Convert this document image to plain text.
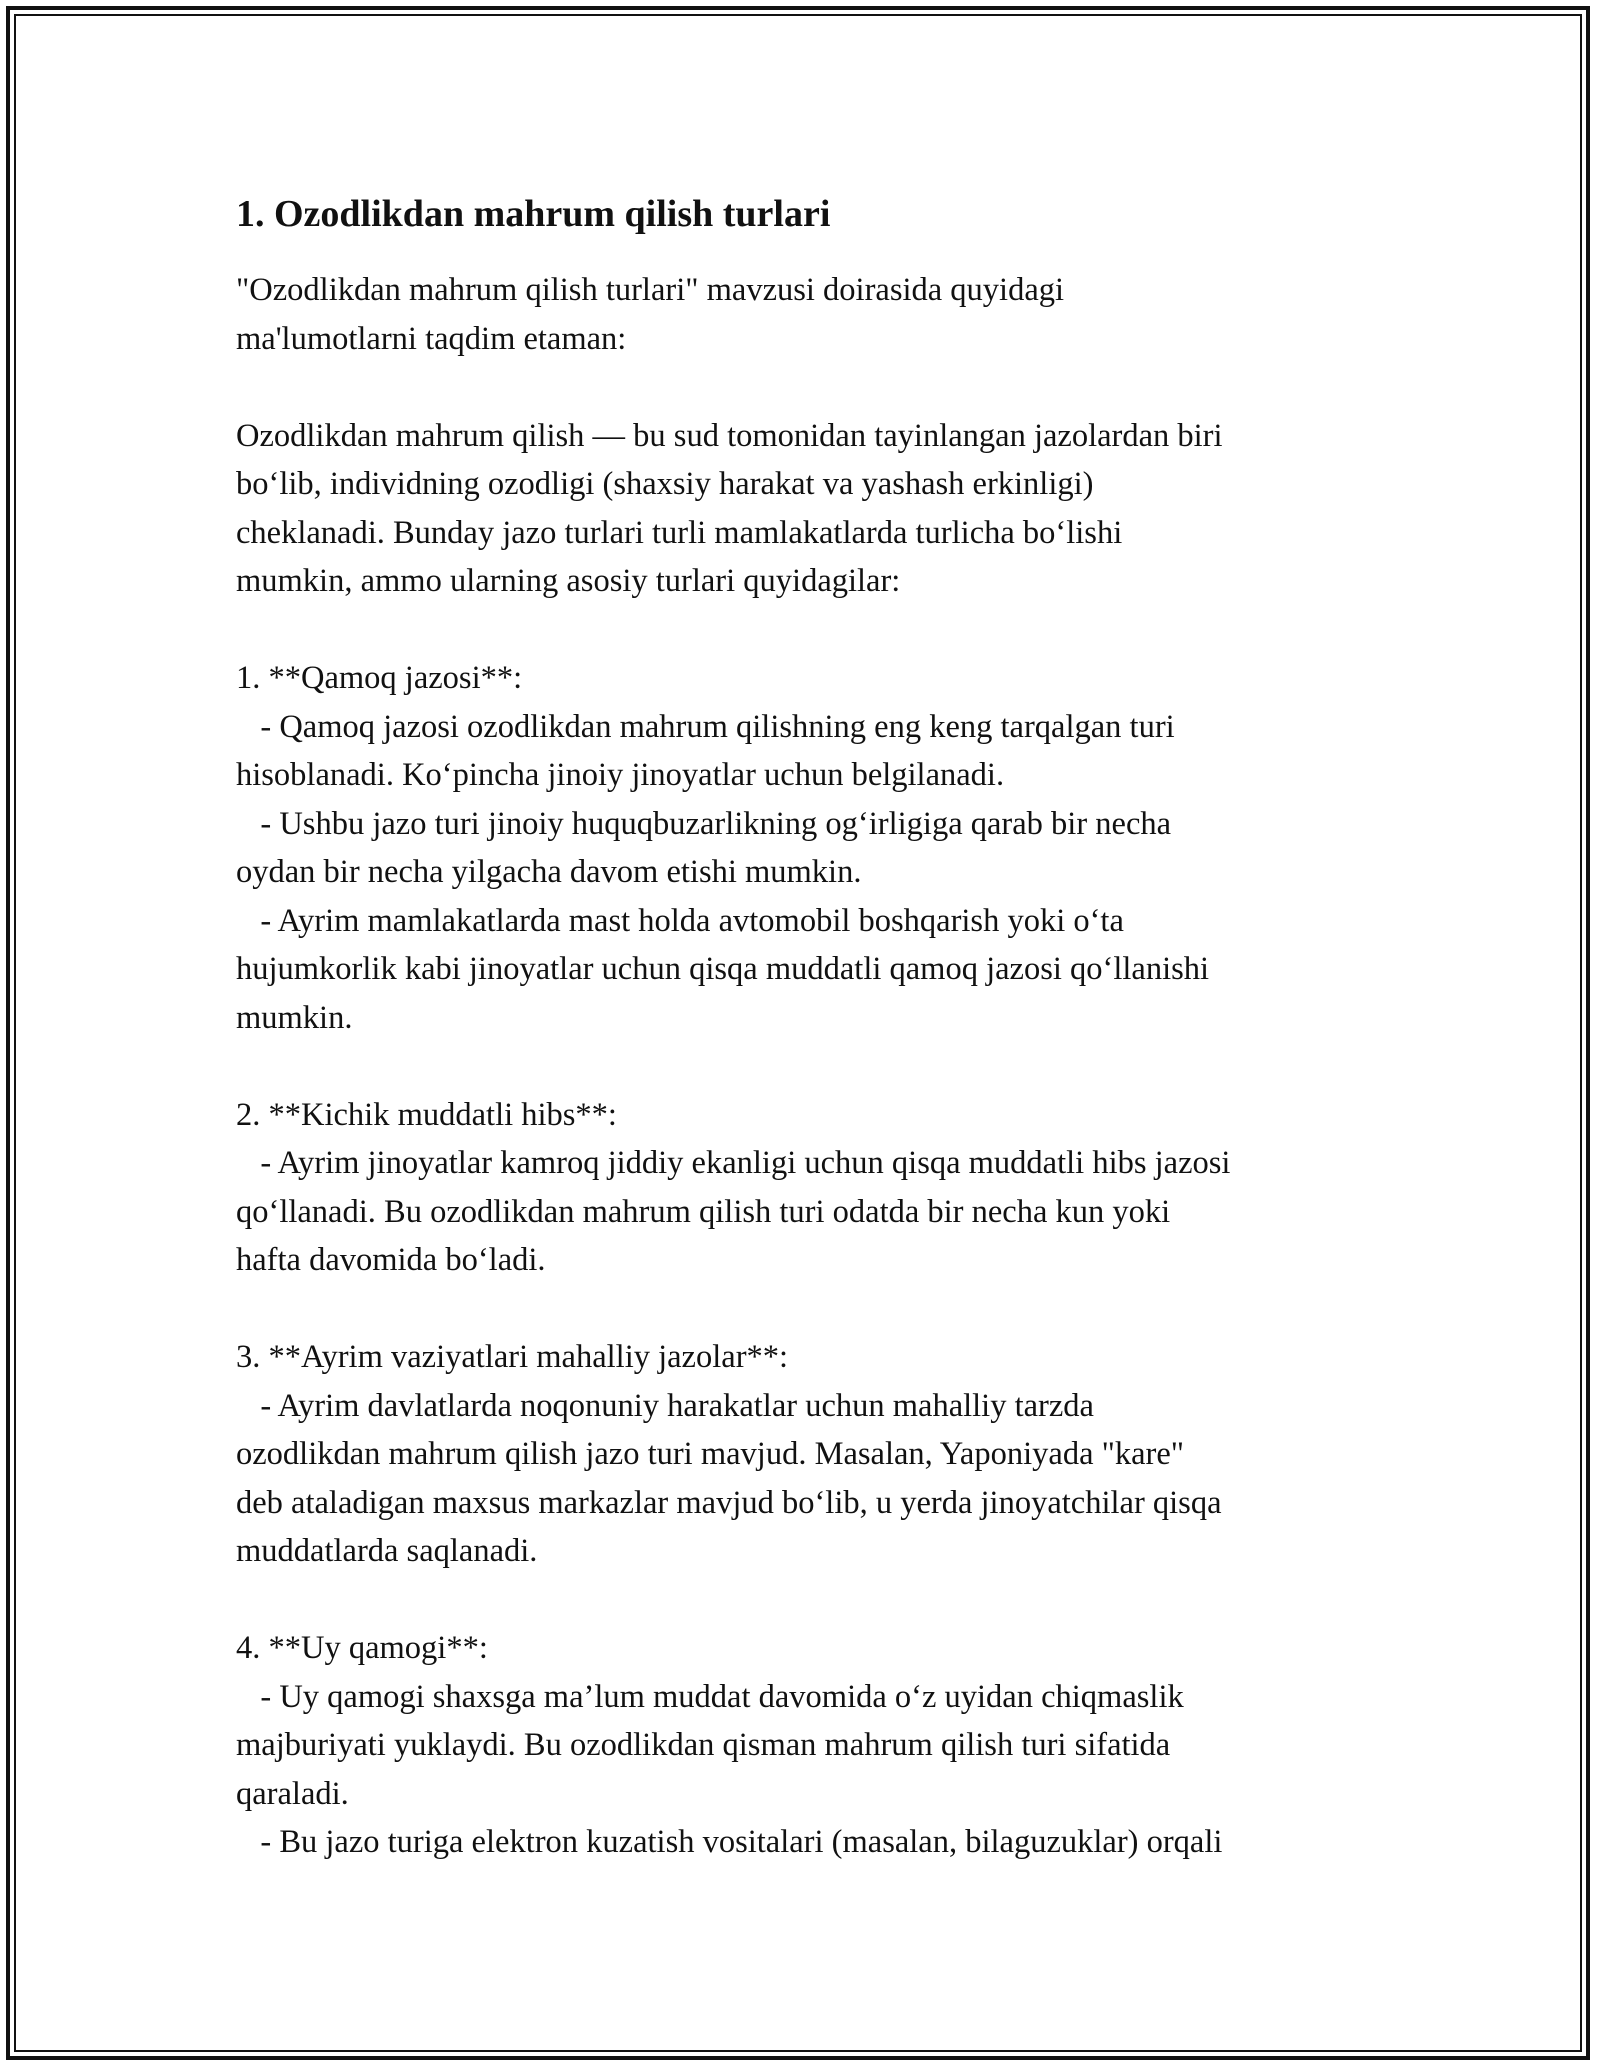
1. Ozodlikdan mahrum qilish turlari

"Ozodlikdan mahrum qilish turlari" mavzusi doirasida quyidagi
ma'lumotlarni taqdim etaman:

Ozodlikdan mahrum qilish — bu sud tomonidan tayinlangan jazolardan biri
bo‘lib, individning ozodligi (shaxsiy harakat va yashash erkinligi)
cheklanadi. Bunday jazo turlari turli mamlakatlarda turlicha bo‘lishi
mumkin, ammo ularning asosiy turlari quyidagilar:

1. **Qamoq jazosi**:

- Qamoq jazosi ozodlikdan mahrum qilishning eng keng tarqalgan turi
hisoblanadi. Ko‘pincha jinoiy jinoyatlar uchun belgilanadi.
- Ushbu jazo turi jinoiy huquqbuzarlikning og‘irligiga qarab bir necha
oydan bir necha yilgacha davom etishi mumkin.
- Ayrim mamlakatlarda mast holda avtomobil boshqarish yoki o‘ta
hujumkorlik kabi jinoyatlar uchun qisqa muddatli qamoq jazosi qo‘llanishi
mumkin.

2. **Kichik muddatli hibs**:

- Ayrim jinoyatlar kamroq jiddiy ekanligi uchun qisqa muddatli hibs jazosi
qo‘llanadi. Bu ozodlikdan mahrum qilish turi odatda bir necha kun yoki
hafta davomida bo‘ladi.

3. **Ayrim vaziyatlari mahalliy jazolar**:

- Ayrim davlatlarda noqonuniy harakatlar uchun mahalliy tarzda
ozodlikdan mahrum qilish jazo turi mavjud. Masalan, Yaponiyada "kare"
deb ataladigan maxsus markazlar mavjud bo‘lib, u yerda jinoyatchilar qisqa
muddatlarda saqlanadi.

4. **Uy qamogi**:

- Uy qamogi shaxsga ma’lum muddat davomida o‘z uyidan chiqmaslik
majburiyati yuklaydi. Bu ozodlikdan qisman mahrum qilish turi sifatida
qaraladi.
- Bu jazo turiga elektron kuzatish vositalari (masalan, bilaguzuklar) orqali
